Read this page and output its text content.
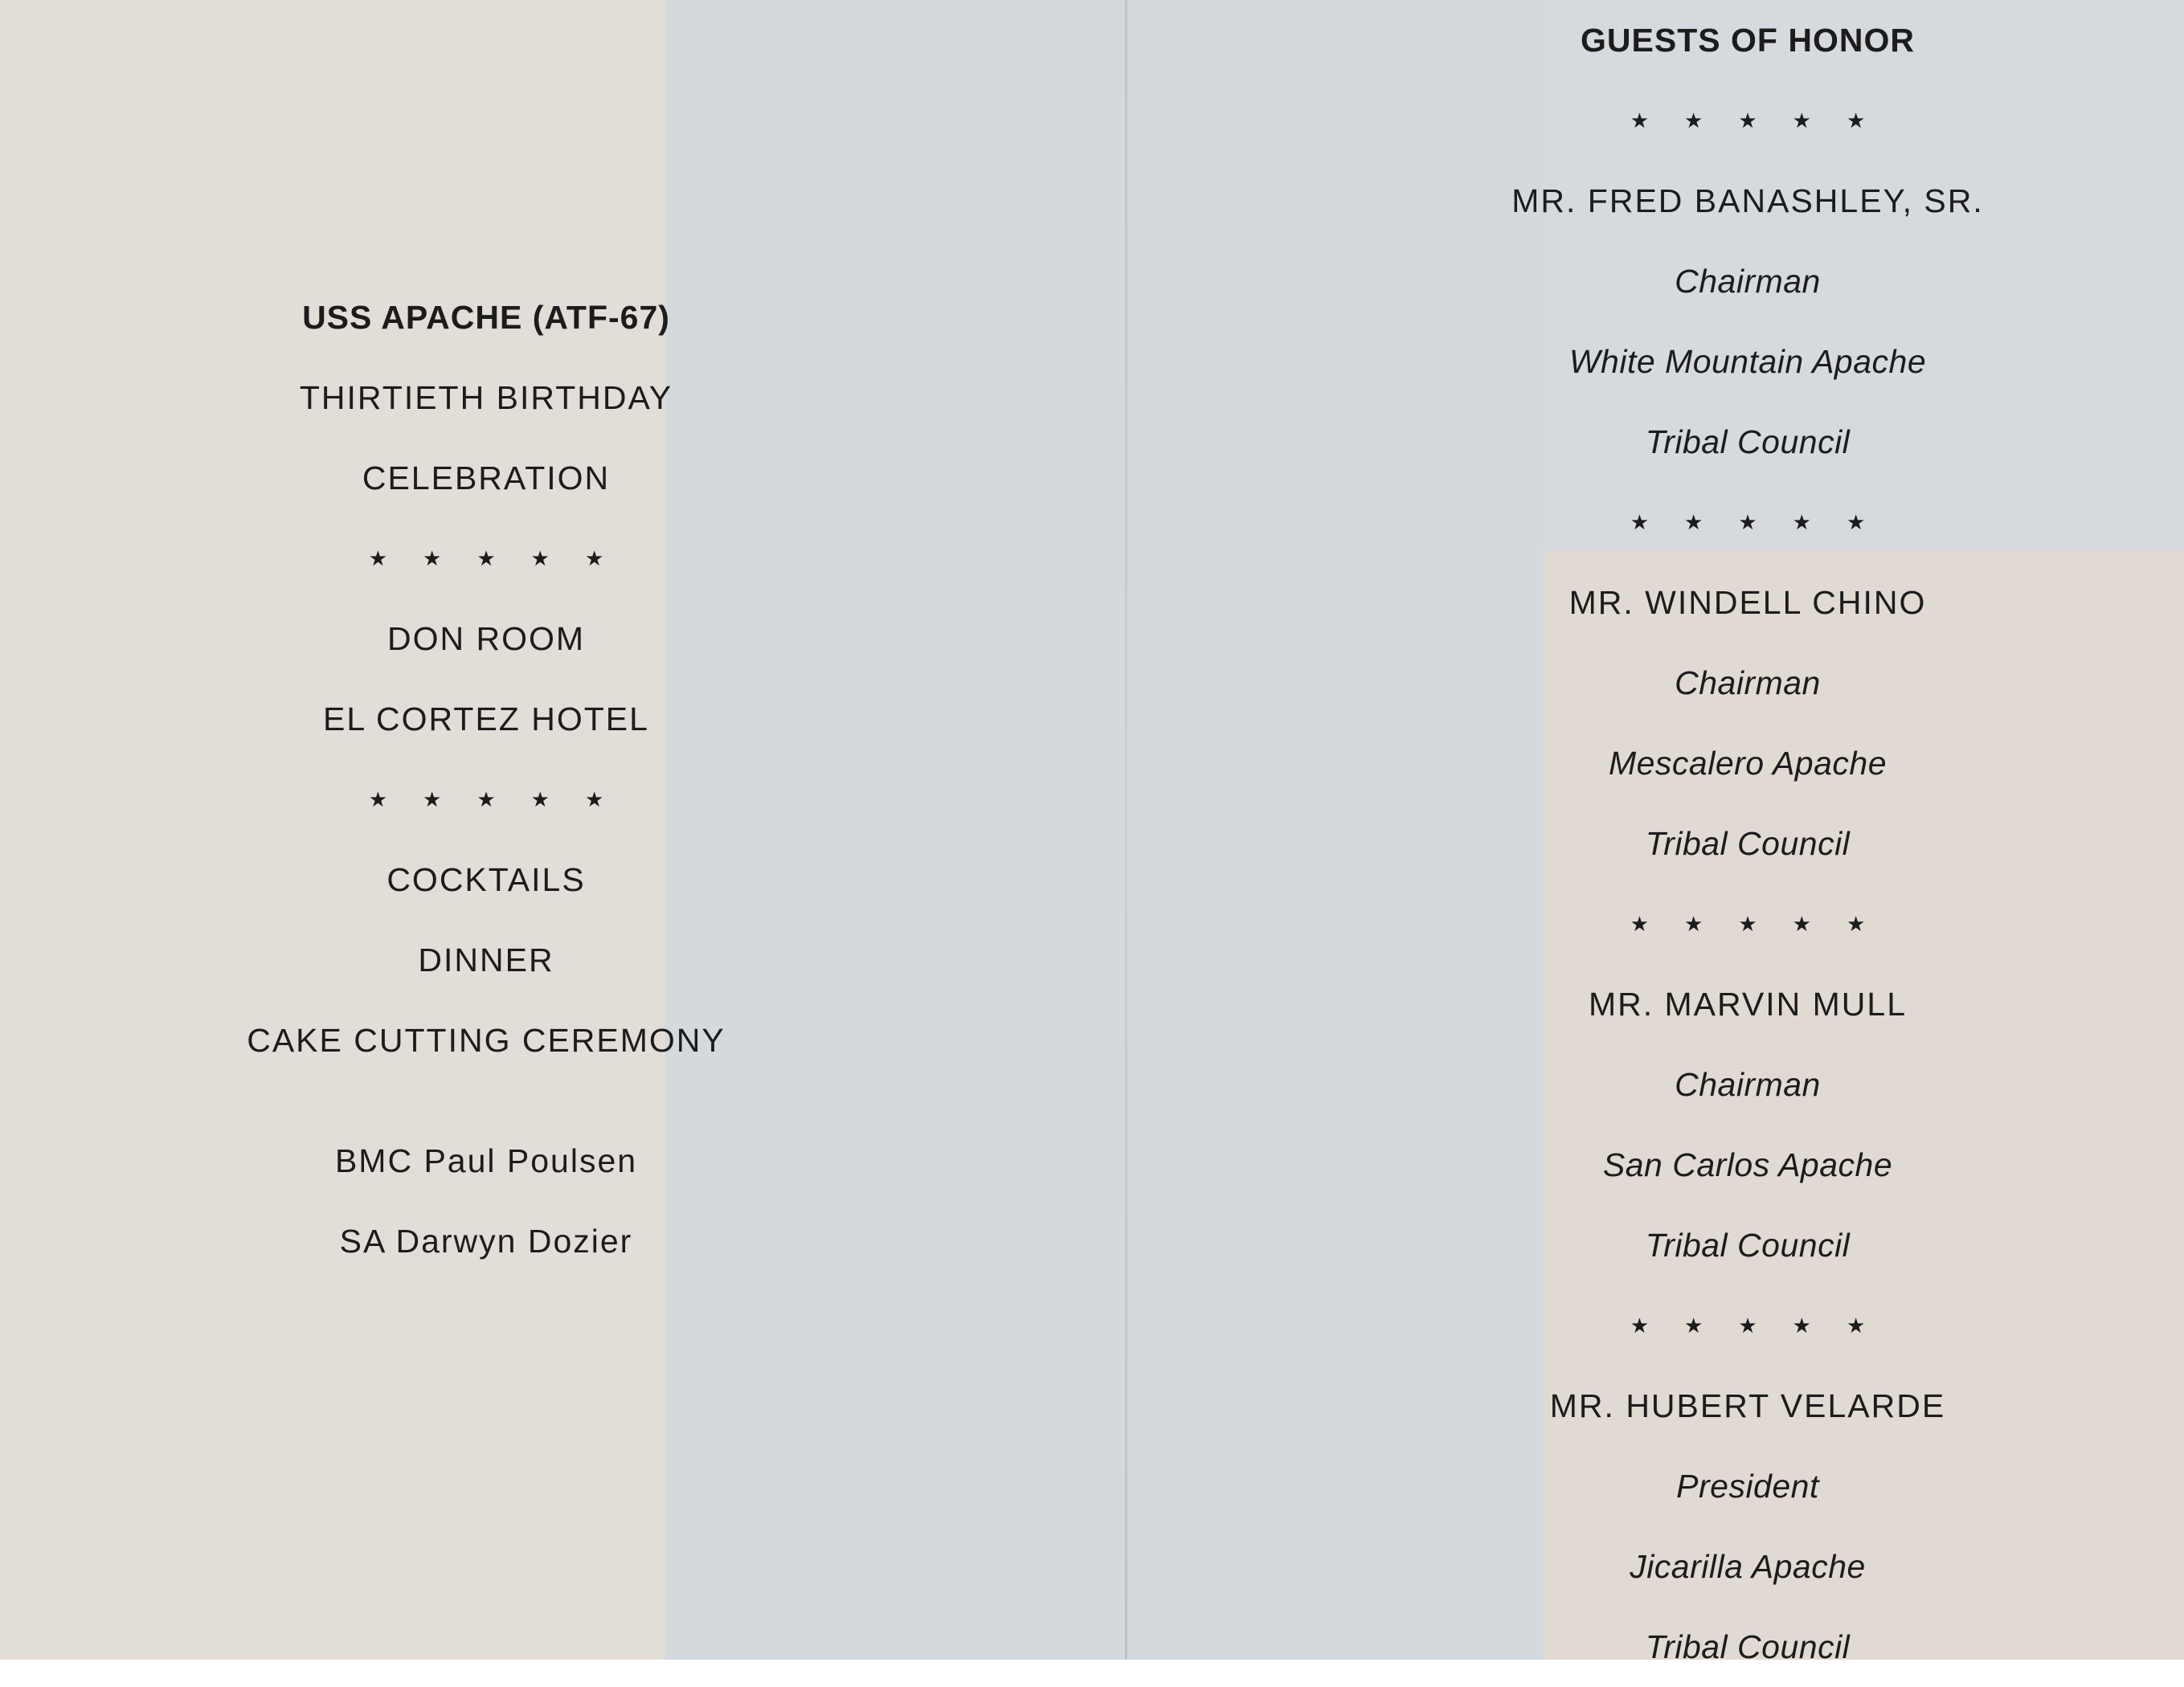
USS APACHE (ATF-67)
THIRTIETH BIRTHDAY
CELEBRATION
★★★★★
DON ROOM
EL CORTEZ HOTEL
★★★★★
COCKTAILS
DINNER
CAKE CUTTING CEREMONY
BMC Paul Poulsen
SA Darwyn Dozier
GUESTS OF HONOR
★★★★★
MR. FRED BANASHLEY, SR.
Chairman
White Mountain Apache
Tribal Council
★★★★★
MR. WINDELL CHINO
Chairman
Mescalero Apache
Tribal Council
★★★★★
MR. MARVIN MULL
Chairman
San Carlos Apache
Tribal Council
★★★★★
MR. HUBERT VELARDE
President
Jicarilla Apache
Tribal Council
